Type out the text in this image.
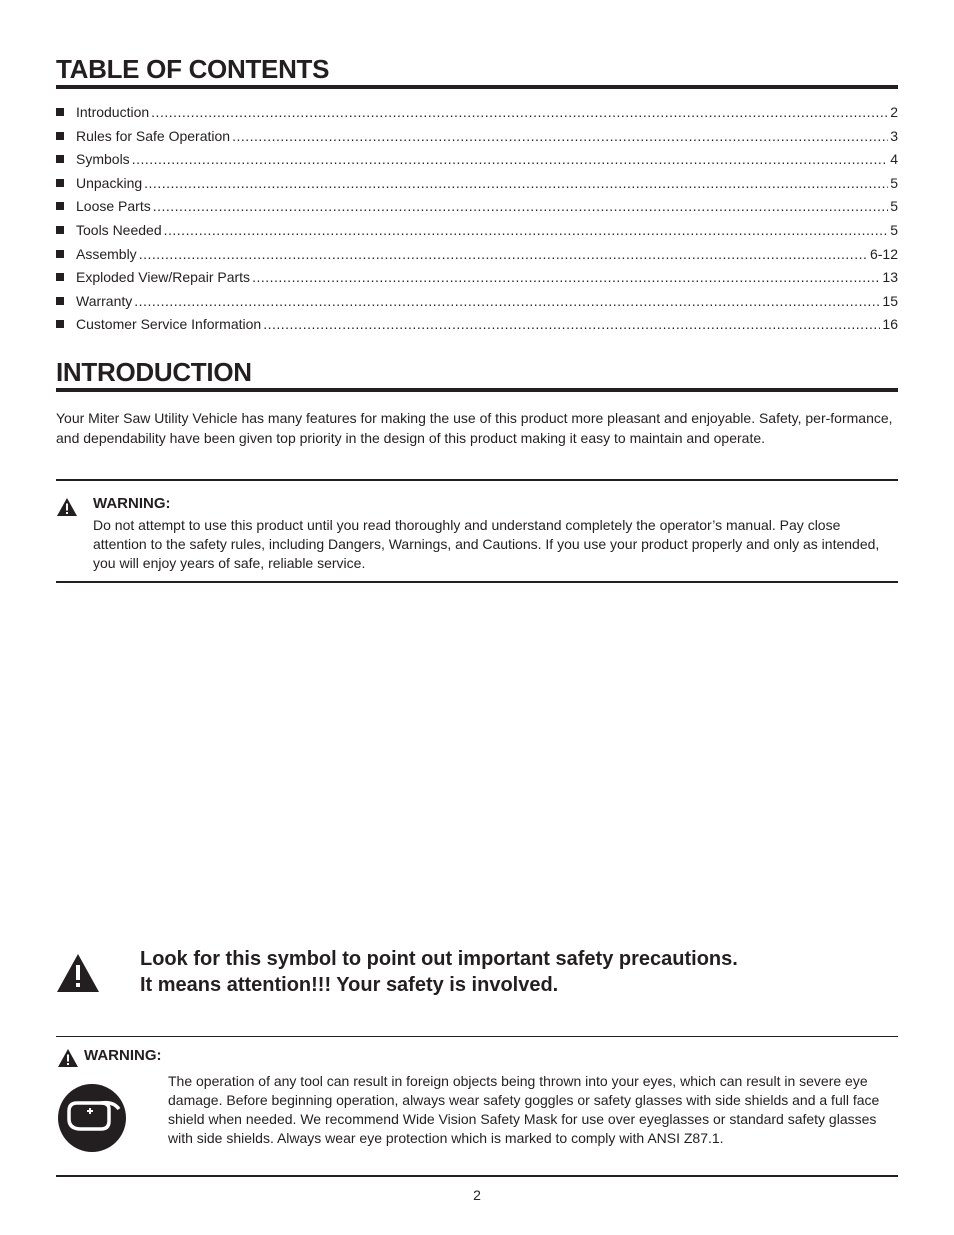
TABLE OF CONTENTS
Introduction .....	2
Rules for Safe Operation .....	3
Symbols .....	4
Unpacking .....	5
Loose Parts .....	5
Tools Needed .....	5
Assembly .....	6-12
Exploded View/Repair Parts .....	13
Warranty .....	15
Customer Service Information .....	16
INTRODUCTION

Your Miter Saw Utility Vehicle has many features for making the use of this product more pleasant and enjoyable. Safety, per-formance, and dependability have been given top priority in the design of this product making it easy to maintain and operate.

WARNING:

Do not attempt to use this product until you read thoroughly and understand completely the operator’s manual. Pay close attention to the safety rules, including Dangers, Warnings, and Cautions. If you use your product properly and only as intended, you will enjoy years of safe, reliable service.

Look for this symbol to point out important safety precautions.
It means attention!!! Your safety is involved.
WARNING:

The operation of any tool can result in foreign objects being thrown into your eyes, which can result in severe eye damage. Before beginning operation, always wear safety goggles or safety glasses with side shields and a full face shield when needed. We recommend Wide Vision Safety Mask for use over eyeglasses or standard safety glasses with side shields. Always wear eye protection which is marked to comply with ANSI Z87.1.

2
